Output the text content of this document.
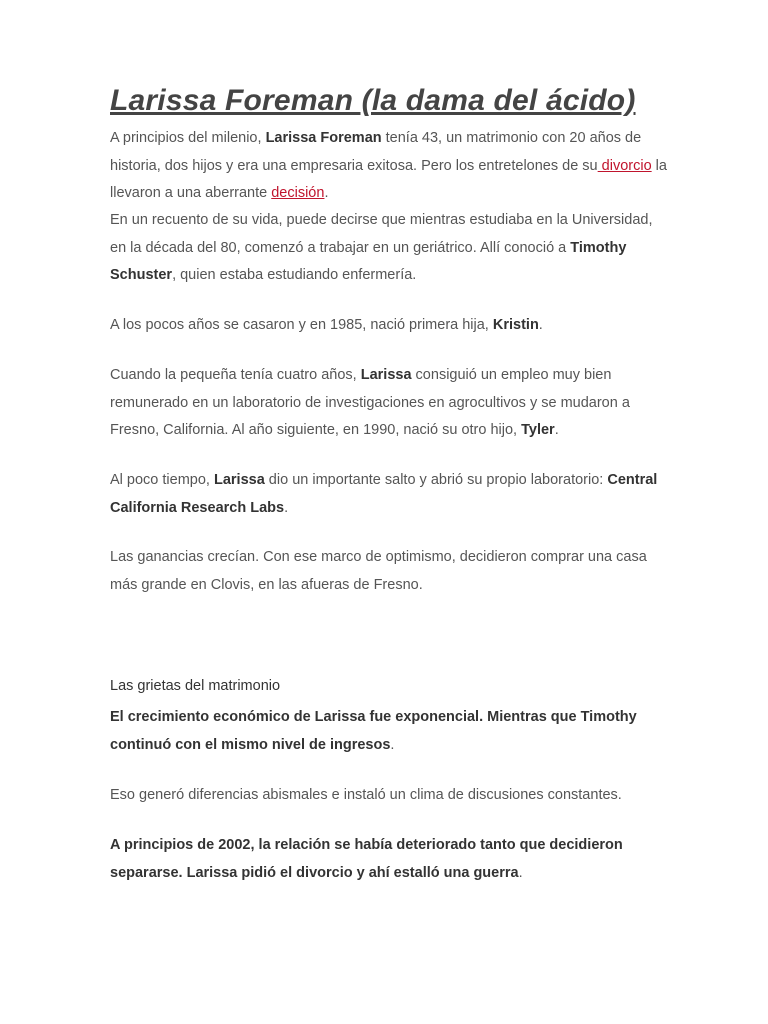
Larissa Foreman (la dama del ácido)

A principios del milenio, Larissa Foreman tenía 43, un matrimonio con 20 años de historia, dos hijos y era una empresaria exitosa. Pero los entretelones de su divorcio la llevaron a una aberrante decisión.

En un recuento de su vida, puede decirse que mientras estudiaba en la Universidad, en la década del 80, comenzó a trabajar en un geriátrico. Allí conoció a Timothy Schuster, quien estaba estudiando enfermería.

A los pocos años se casaron y en 1985, nació primera hija, Kristin.

Cuando la pequeña tenía cuatro años, Larissa consiguió un empleo muy bien remunerado en un laboratorio de investigaciones en agrocultivos y se mudaron a Fresno, California. Al año siguiente, en 1990, nació su otro hijo, Tyler.

Al poco tiempo, Larissa dio un importante salto y abrió su propio laboratorio: Central California Research Labs.

Las ganancias crecían. Con ese marco de optimismo, decidieron comprar una casa más grande en Clovis, en las afueras de Fresno.

Las grietas del matrimonio

El crecimiento económico de Larissa fue exponencial. Mientras que Timothy continuó con el mismo nivel de ingresos.

Eso generó diferencias abismales e instaló un clima de discusiones constantes.

A principios de 2002, la relación se había deteriorado tanto que decidieron separarse. Larissa pidió el divorcio y ahí estalló una guerra.
